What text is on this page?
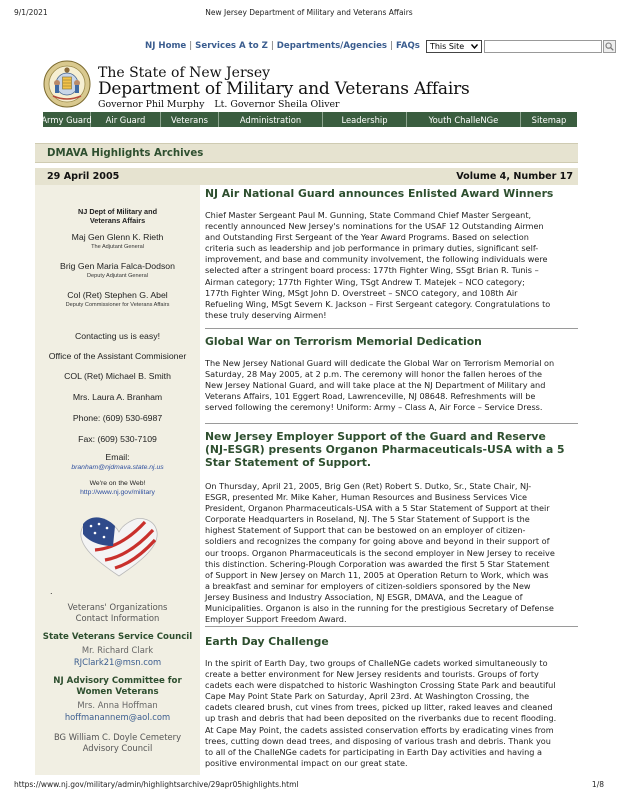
9/1/2021	New Jersey Department of Military and Veterans Affairs
NJ Home | Services A to Z | Departments/Agencies | FAQs This Site
The State of New Jersey
Department of Military and Veterans Affairs
Governor Phil Murphy Lt. Governor Sheila Oliver
Army Guard	Air Guard	Veterans	Administration	Leadership	Youth ChalleNGe	Sitemap
DMAVA Highlights Archives
29 April 2005	Volume 4, Number 17
NJ Dept of Military and Veterans Affairs
Maj Gen Glenn K. Rieth
The Adjutant General
Brig Gen Maria Falca-Dodson
Deputy Adjutant General
Col (Ret) Stephen G. Abel
Deputy Commissioner for Veterans Affairs
Contacting us is easy!
Office of the Assistant Commisioner
COL (Ret) Michael B. Smith
Mrs. Laura A. Branham
Phone: (609) 530-6987
Fax: (609) 530-7109
Email:
branham@njdmava.state.nj.us
We're on the Web!
http://www.nj.gov/military
.
Veterans' Organizations
Contact Information
State Veterans Service Council
Mr. Richard Clark
RJClark21@msn.com
NJ Advisory Committee for
Women Veterans
Mrs. Anna Hoffman
hoffmanannem@aol.com
BG William C. Doyle Cemetery
Advisory Council
NJ Air National Guard announces Enlisted Award Winners
Chief Master Sergeant Paul M. Gunning, State Command Chief Master Sergeant,
recently announced New Jersey's nominations for the USAF 12 Outstanding Airmen
and Outstanding First Sergeant of the Year Award Programs. Based on selection
criteria such as leadership and job performance in primary duties, significant self-
improvement, and base and community involvement, the following individuals were
selected after a stringent board process: 177th Fighter Wing, SSgt Brian R. Tunis –
Airman category; 177th Fighter Wing, TSgt Andrew T. Matejek – NCO category;
177th Fighter Wing, MSgt John D. Overstreet – SNCO category, and 108th Air
Refueling Wing, MSgt Severn K. Jackson – First Sergeant category. Congratulations to
these truly deserving Airmen!
Global War on Terrorism Memorial Dedication
The New Jersey National Guard will dedicate the Global War on Terrorism Memorial on
Saturday, 28 May 2005, at 2 p.m. The ceremony will honor the fallen heroes of the
New Jersey National Guard, and will take place at the NJ Department of Military and
Veterans Affairs, 101 Eggert Road, Lawrenceville, NJ 08648. Refreshments will be
served following the ceremony! Uniform: Army – Class A, Air Force – Service Dress.
New Jersey Employer Support of the Guard and Reserve
(NJ-ESGR) presents Organon Pharmaceuticals-USA with a 5
Star Statement of Support.
On Thursday, April 21, 2005, Brig Gen (Ret) Robert S. Dutko, Sr., State Chair, NJ-
ESGR, presented Mr. Mike Kaher, Human Resources and Business Services Vice
President, Organon Pharmaceuticals-USA with a 5 Star Statement of Support at their
Corporate Headquarters in Roseland, NJ. The 5 Star Statement of Support is the
highest Statement of Support that can be bestowed on an employer of citizen-
soldiers and recognizes the company for going above and beyond in their support of
our troops. Organon Pharmaceuticals is the second employer in New Jersey to receive
this distinction. Schering-Plough Corporation was awarded the first 5 Star Statement
of Support in New Jersey on March 11, 2005 at Operation Return to Work, which was
a breakfast and seminar for employers of citizen-soldiers sponsored by the New
Jersey Business and Industry Association, NJ ESGR, DMAVA, and the League of
Municipalities. Organon is also in the running for the prestigious Secretary of Defense
Employer Support Freedom Award.
Earth Day Challenge
In the spirit of Earth Day, two groups of ChalleNGe cadets worked simultaneously to
create a better environment for New Jersey residents and tourists. Groups of forty
cadets each were dispatched to historic Washington Crossing State Park and beautiful
Cape May Point State Park on Saturday, April 23rd. At Washington Crossing, the
cadets cleared brush, cut vines from trees, picked up litter, raked leaves and cleaned
up trash and debris that had been deposited on the riverbanks due to recent flooding.
At Cape May Point, the cadets assisted conservation efforts by eradicating vines from
trees, cutting down dead trees, and disposing of various trash and debris. Thank you
to all of the ChalleNGe cadets for participating in Earth Day activities and having a
positive environmental impact on our great state.
https://www.nj.gov/military/admin/highlightsarchive/29apr05highlights.html	1/8
